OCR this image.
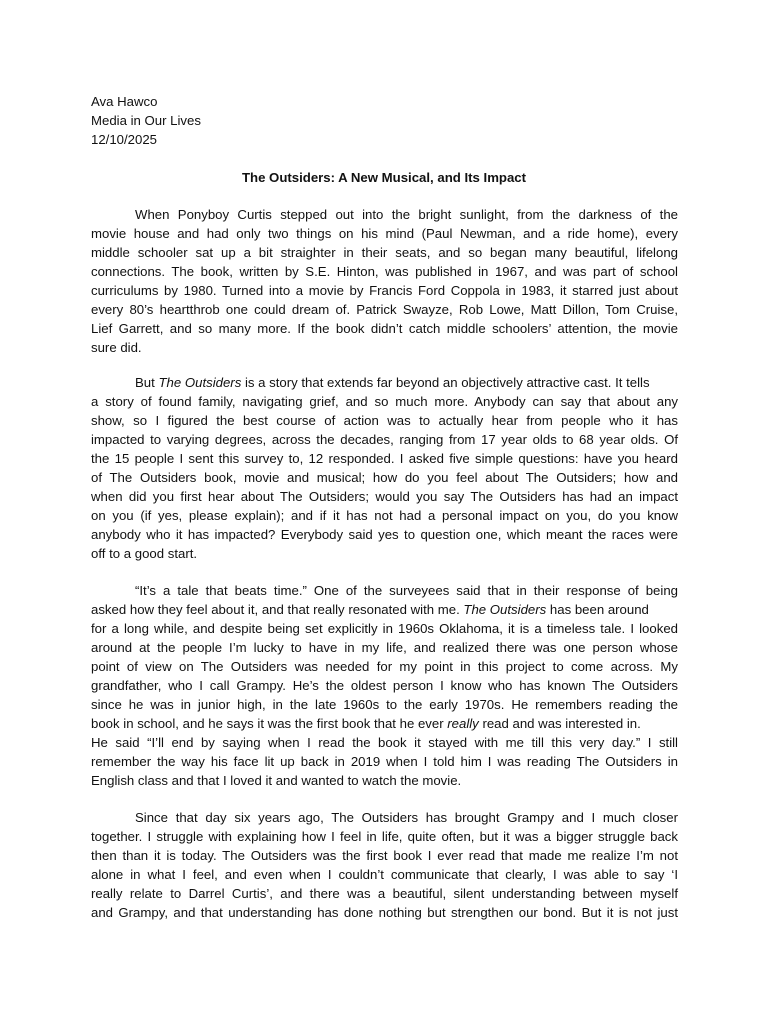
Ava Hawco
Media in Our Lives
12/10/2025
The Outsiders: A New Musical, and Its Impact
When Ponyboy Curtis stepped out into the bright sunlight, from the darkness of the
movie house and had only two things on his mind (Paul Newman, and a ride home), every
middle schooler sat up a bit straighter in their seats, and so began many beautiful, lifelong
connections. The book, written by S.E. Hinton, was published in 1967, and was part of school
curriculums by 1980. Turned into a movie by Francis Ford Coppola in 1983, it starred just about
every 80’s heartthrob one could dream of. Patrick Swayze, Rob Lowe, Matt Dillon, Tom Cruise,
Lief Garrett, and so many more. If the book didn’t catch middle schoolers’ attention, the movie
sure did.
But The Outsiders is a story that extends far beyond an objectively attractive cast. It tells
a story of found family, navigating grief, and so much more. Anybody can say that about any
show, so I figured the best course of action was to actually hear from people who it has
impacted to varying degrees, across the decades, ranging from 17 year olds to 68 year olds. Of
the 15 people I sent this survey to, 12 responded. I asked five simple questions: have you heard
of The Outsiders book, movie and musical; how do you feel about The Outsiders; how and
when did you first hear about The Outsiders; would you say The Outsiders has had an impact
on you (if yes, please explain); and if it has not had a personal impact on you, do you know
anybody who it has impacted? Everybody said yes to question one, which meant the races were
off to a good start.
“It’s a tale that beats time.” One of the surveyees said that in their response of being
asked how they feel about it, and that really resonated with me. The Outsiders has been around
for a long while, and despite being set explicitly in 1960s Oklahoma, it is a timeless tale. I looked
around at the people I’m lucky to have in my life, and realized there was one person whose
point of view on The Outsiders was needed for my point in this project to come across. My
grandfather, who I call Grampy. He’s the oldest person I know who has known The Outsiders
since he was in junior high, in the late 1960s to the early 1970s. He remembers reading the
book in school, and he says it was the first book that he ever really read and was interested in.
He said “I’ll end by saying when I read the book it stayed with me till this very day.” I still
remember the way his face lit up back in 2019 when I told him I was reading The Outsiders in
English class and that I loved it and wanted to watch the movie.
Since that day six years ago, The Outsiders has brought Grampy and I much closer
together. I struggle with explaining how I feel in life, quite often, but it was a bigger struggle back
then than it is today. The Outsiders was the first book I ever read that made me realize I’m not
alone in what I feel, and even when I couldn’t communicate that clearly, I was able to say ‘I
really relate to Darrel Curtis’, and there was a beautiful, silent understanding between myself
and Grampy, and that understanding has done nothing but strengthen our bond. But it is not just
